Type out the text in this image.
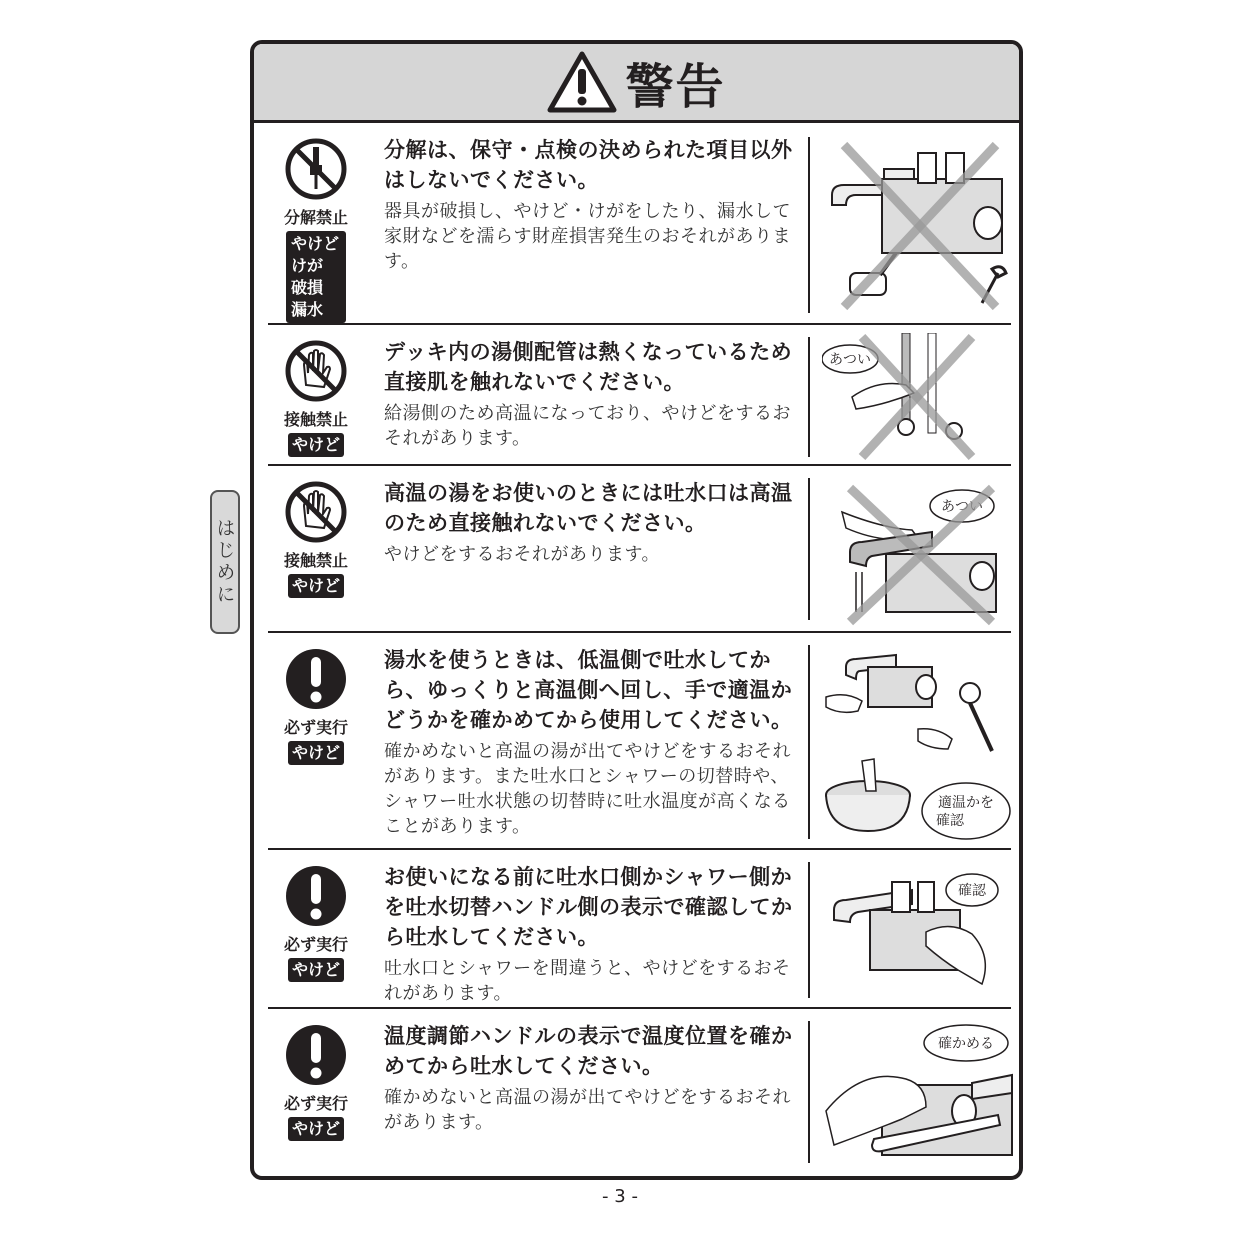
はじめに
警告
分解禁止
やけど
けが
破損
漏水
分解は、保守・点検の決められた項目以外はしないでください。
器具が破損し、やけど・けがをしたり、漏水して家財などを濡らす財産損害発生のおそれがあります。
接触禁止
やけど
デッキ内の湯側配管は熱くなっているため直接肌を触れないでください。
給湯側のため高温になっており、やけどをするおそれがあります。
あつい
接触禁止
やけど
高温の湯をお使いのときには吐水口は高温のため直接触れないでください。
やけどをするおそれがあります。
あつい
必ず実行
やけど
湯水を使うときは、低温側で吐水してから、ゆっくりと高温側へ回し、手で適温かどうかを確かめてから使用してください。
確かめないと高温の湯が出てやけどをするおそれがあります。また吐水口とシャワーの切替時や、シャワー吐水状態の切替時に吐水温度が高くなることがあります。
適温かを
確認
必ず実行
やけど
お使いになる前に吐水口側かシャワー側かを吐水切替ハンドル側の表示で確認してから吐水してください。
吐水口とシャワーを間違うと、やけどをするおそれがあります。
確認
必ず実行
やけど
温度調節ハンドルの表示で温度位置を確かめてから吐水してください。
確かめないと高温の湯が出てやけどをするおそれがあります。
確かめる
- 3 -
